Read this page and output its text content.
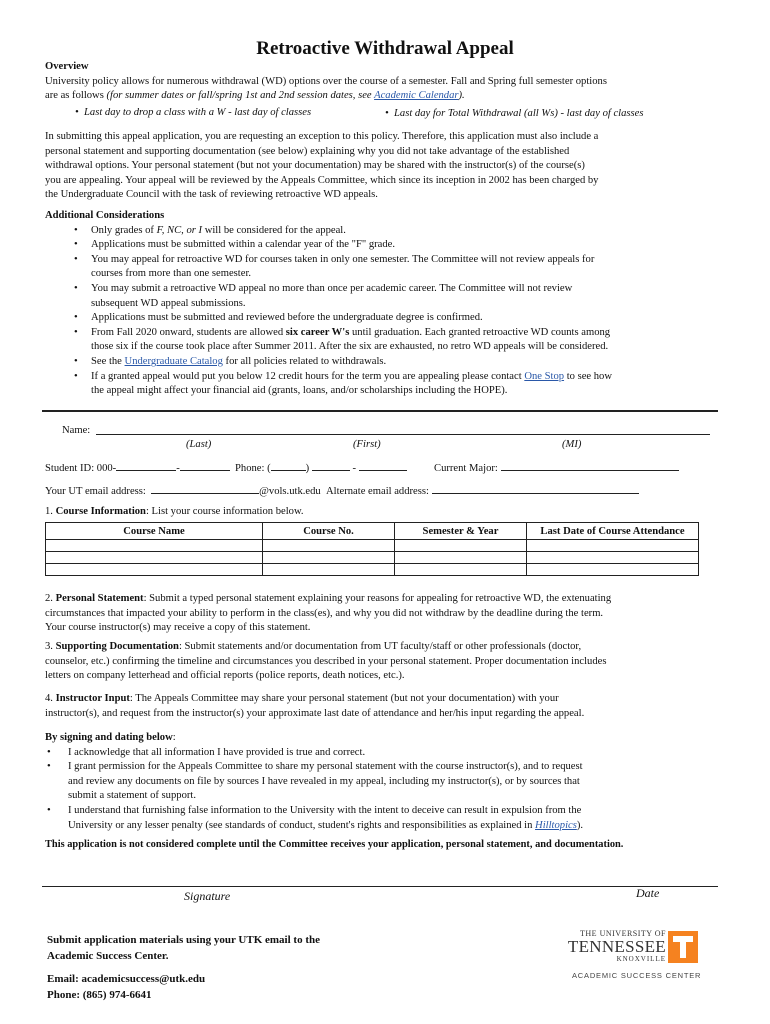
Retroactive Withdrawal Appeal
Overview
University policy allows for numerous withdrawal (WD) options over the course of a semester. Fall and Spring full semester options
are as follows (for summer dates or fall/spring 1st and 2nd session dates, see Academic Calendar).
• Last day to drop a class with a W - last day of classes	• Last day for Total Withdrawal (all Ws) - last day of classes
In submitting this appeal application, you are requesting an exception to this policy. Therefore, this application must also include a
personal statement and supporting documentation (see below) explaining why you did not take advantage of the established
withdrawal options. Your personal statement (but not your documentation) may be shared with the instructor(s) of the course(s)
you are appealing. Your appeal will be reviewed by the Appeals Committee, which since its inception in 2002 has been charged by
the Undergraduate Council with the task of reviewing retroactive WD appeals.
Additional Considerations
• Only grades of F, NC, or I will be considered for the appeal.
• Applications must be submitted within a calendar year of the "F" grade.
• You may appeal for retroactive WD for courses taken in only one semester. The Committee will not review appeals for
courses from more than one semester.
• You may submit a retroactive WD appeal no more than once per academic career. The Committee will not review
subsequent WD appeal submissions.
• Applications must be submitted and reviewed before the undergraduate degree is confirmed.
• From Fall 2020 onward, students are allowed six career W's until graduation. Each granted retroactive WD counts among
those six if the course took place after Summer 2011. After the six are exhausted, no retro WD appeals will be considered.
• See the Undergraduate Catalog for all policies related to withdrawals.
• If a granted appeal would put you below 12 credit hours for the term you are appealing please contact One Stop to see how
the appeal might affect your financial aid (grants, loans, and/or scholarships including the HOPE).
Name:
(Last)	(First)	(MI)
Student ID: 000-	-	Phone: (	)	-	Current Major:
Your UT email address:	@vols.utk.edu Alternate email address:
1. Course Information: List your course information below.
Course Name	Course No.	Semester & Year	Last Date of Course Attendance

2. Personal Statement: Submit a typed personal statement explaining your reasons for appealing for retroactive WD, the extenuating
circumstances that impacted your ability to perform in the class(es), and why you did not withdraw by the deadline during the term.
Your course instructor(s) may receive a copy of this statement.
3. Supporting Documentation: Submit statements and/or documentation from UT faculty/staff or other professionals (doctor,
counselor, etc.) confirming the timeline and circumstances you described in your personal statement. Proper documentation includes
letters on company letterhead and official reports (police reports, death notices, etc.).
4. Instructor Input: The Appeals Committee may share your personal statement (but not your documentation) with your
instructor(s), and request from the instructor(s) your approximate last date of attendance and her/his input regarding the appeal.
By signing and dating below:
• I acknowledge that all information I have provided is true and correct.
• I grant permission for the Appeals Committee to share my personal statement with the course instructor(s), and to request
and review any documents on file by sources I have revealed in my appeal, including my instructor(s), or by sources that
submit a statement of support.
• I understand that furnishing false information to the University with the intent to deceive can result in expulsion from the
University or any lesser penalty (see standards of conduct, student's rights and responsibilities as explained in Hilltopics).
This application is not considered complete until the Committee receives your application, personal statement, and documentation.
Signature	Date
Submit application materials using your UTK email to the
Academic Success Center.
Email: academicsuccess@utk.edu
Phone: (865) 974-6641
THE UNIVERSITY OF
TENNESSEE
KNOXVILLE
ACADEMIC SUCCESS CENTER
